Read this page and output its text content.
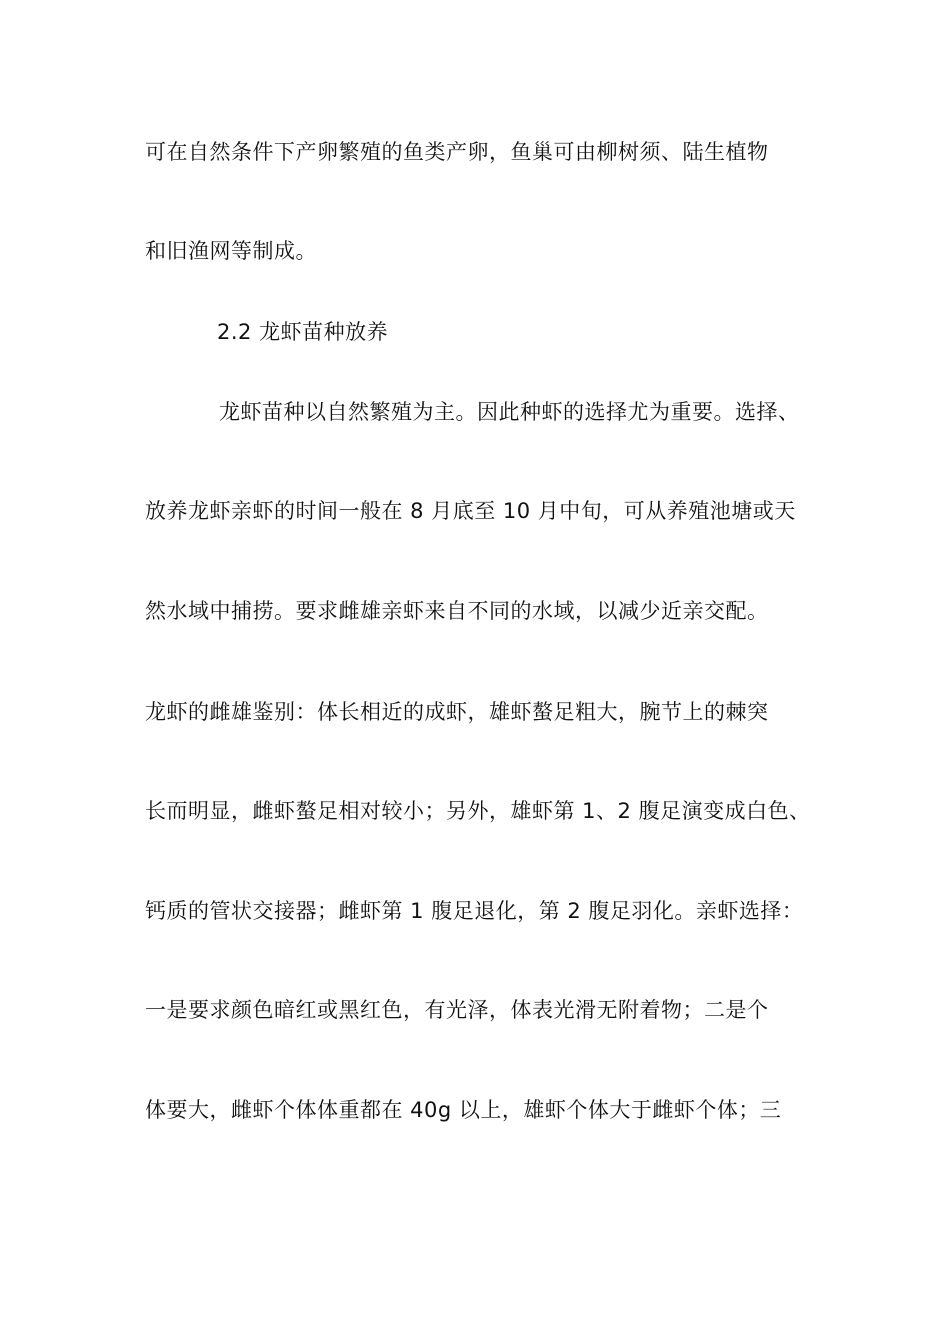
可在自然条件下产卵繁殖的鱼类产卵，鱼巢可由柳树须、陆生植物
和旧渔网等制成。
2.2 龙虾苗种放养
龙虾苗种以自然繁殖为主。因此种虾的选择尤为重要。选择、
放养龙虾亲虾的时间一般在 8 月底至 10 月中旬，可从养殖池塘或天
然水域中捕捞。要求雌雄亲虾来自不同的水域，以减少近亲交配。
龙虾的雌雄鉴别：体长相近的成虾，雄虾螯足粗大，腕节上的棘突
长而明显，雌虾螯足相对较小；另外，雄虾第 1、2 腹足演变成白色、
钙质的管状交接器；雌虾第 1 腹足退化，第 2 腹足羽化。亲虾选择：
一是要求颜色暗红或黑红色，有光泽，体表光滑无附着物；二是个
体要大，雌虾个体体重都在 40g 以上，雄虾个体大于雌虾个体；三
